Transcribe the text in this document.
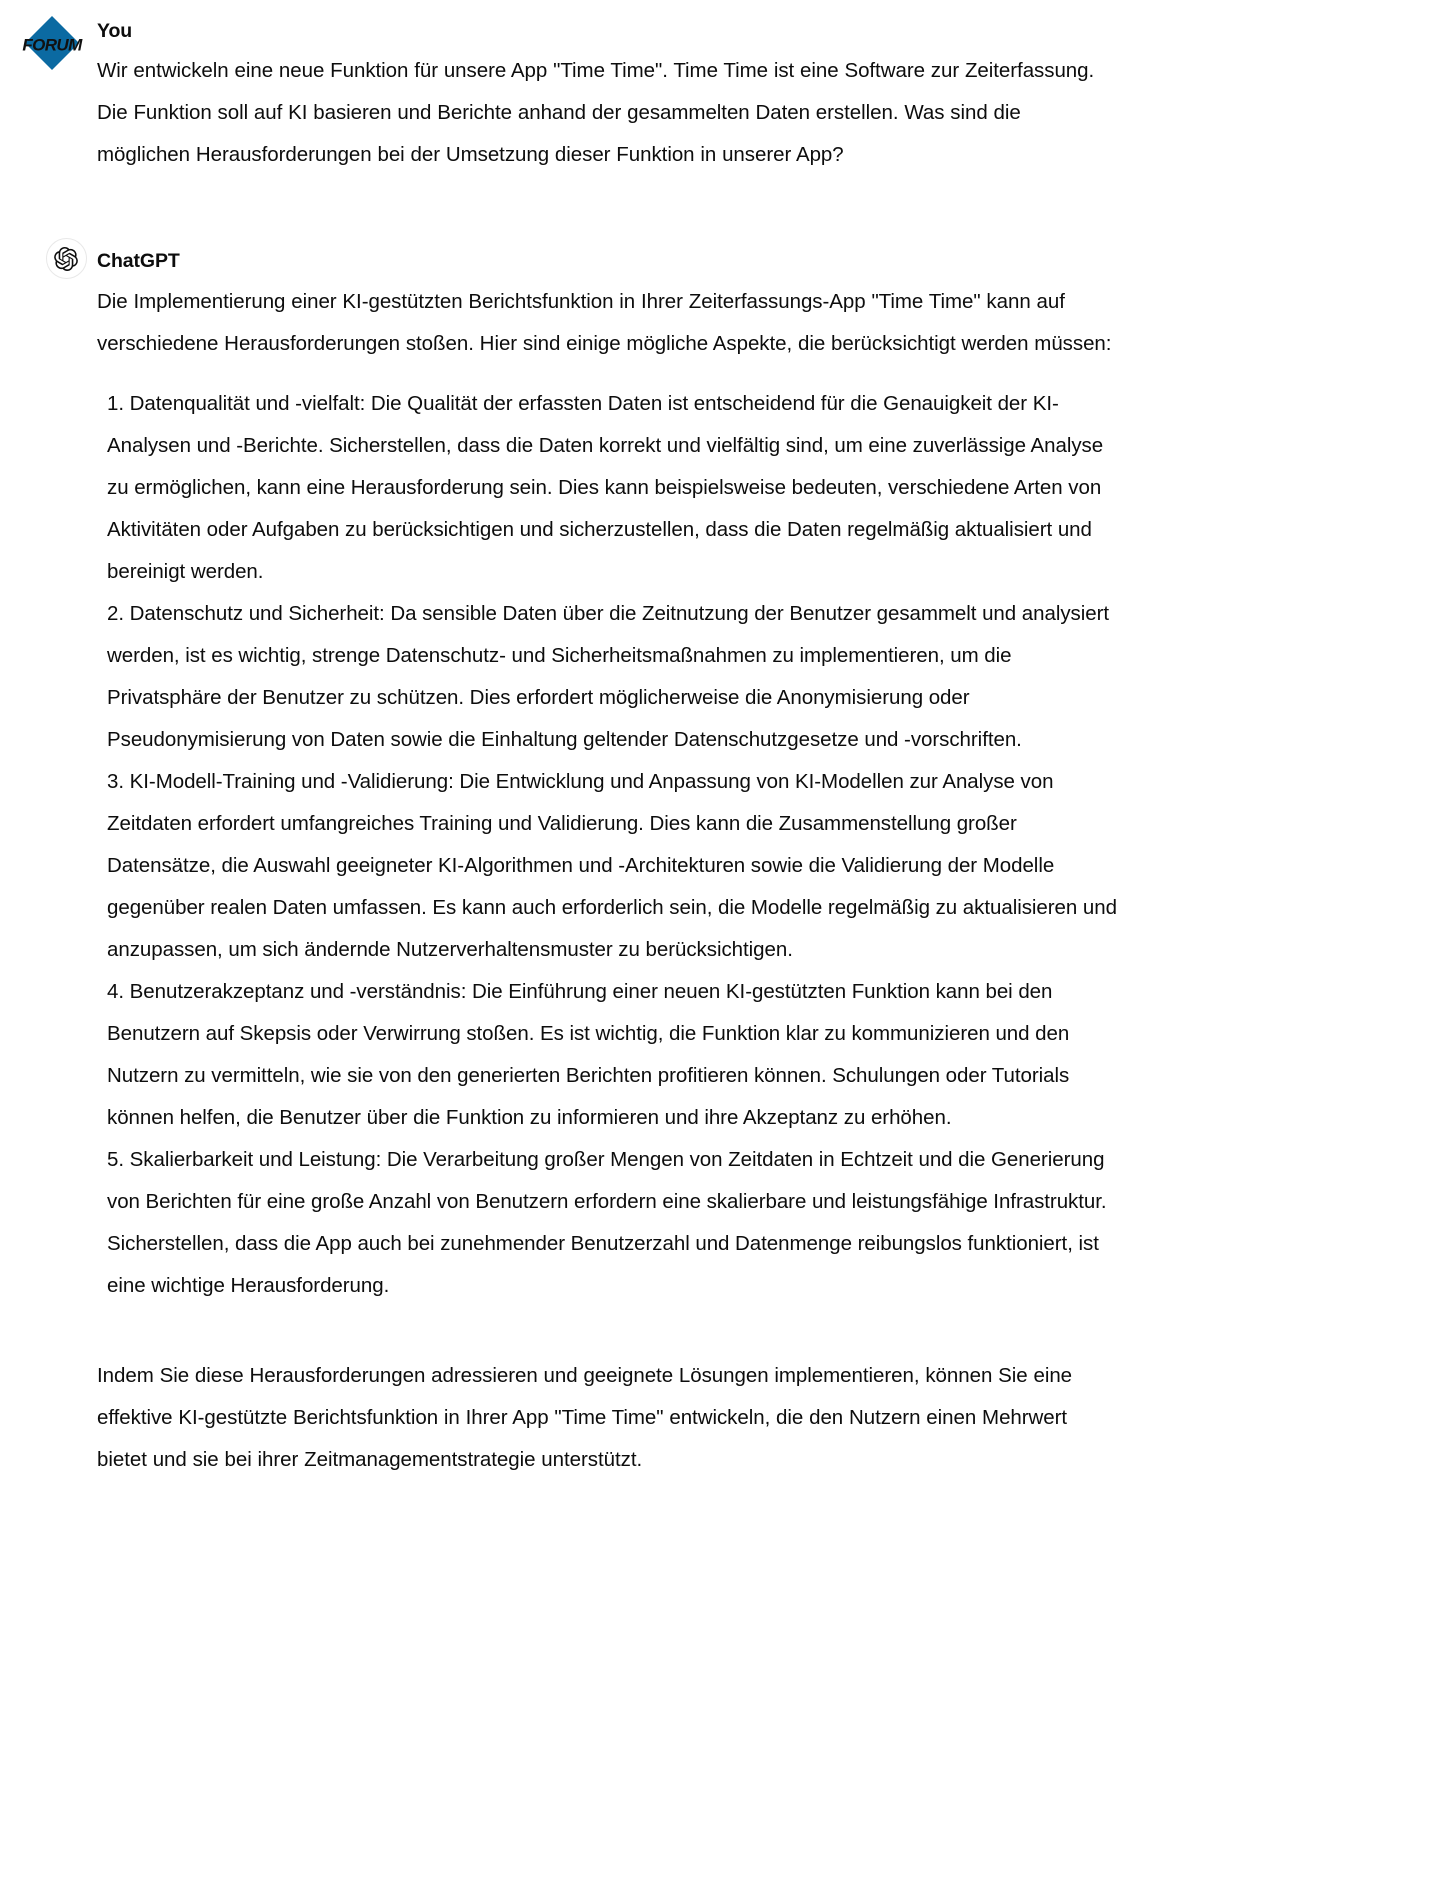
FORUM
You

Wir entwickeln eine neue Funktion für unsere App "Time Time". Time Time ist eine Software zur Zeiterfassung. Die Funktion soll auf KI basieren und Berichte anhand der gesammelten Daten erstellen. Was sind die möglichen Herausforderungen bei der Umsetzung dieser Funktion in unserer App?

ChatGPT

Die Implementierung einer KI-gestützten Berichtsfunktion in Ihrer Zeiterfassungs-App "Time Time" kann auf verschiedene Herausforderungen stoßen. Hier sind einige mögliche Aspekte, die berücksichtigt werden müssen:

1. Datenqualität und -vielfalt: Die Qualität der erfassten Daten ist entscheidend für die Genauigkeit der KI-Analysen und -Berichte. Sicherstellen, dass die Daten korrekt und vielfältig sind, um eine zuverlässige Analyse zu ermöglichen, kann eine Herausforderung sein. Dies kann beispielsweise bedeuten, verschiedene Arten von Aktivitäten oder Aufgaben zu berücksichtigen und sicherzustellen, dass die Daten regelmäßig aktualisiert und bereinigt werden.

2. Datenschutz und Sicherheit: Da sensible Daten über die Zeitnutzung der Benutzer gesammelt und analysiert werden, ist es wichtig, strenge Datenschutz- und Sicherheitsmaßnahmen zu implementieren, um die Privatsphäre der Benutzer zu schützen. Dies erfordert möglicherweise die Anonymisierung oder Pseudonymisierung von Daten sowie die Einhaltung geltender Datenschutzgesetze und -vorschriften.

3. KI-Modell-Training und -Validierung: Die Entwicklung und Anpassung von KI-Modellen zur Analyse von Zeitdaten erfordert umfangreiches Training und Validierung. Dies kann die Zusammenstellung großer Datensätze, die Auswahl geeigneter KI-Algorithmen und -Architekturen sowie die Validierung der Modelle gegenüber realen Daten umfassen. Es kann auch erforderlich sein, die Modelle regelmäßig zu aktualisieren und anzupassen, um sich ändernde Nutzerverhaltensmuster zu berücksichtigen.

4. Benutzerakzeptanz und -verständnis: Die Einführung einer neuen KI-gestützten Funktion kann bei den Benutzern auf Skepsis oder Verwirrung stoßen. Es ist wichtig, die Funktion klar zu kommunizieren und den Nutzern zu vermitteln, wie sie von den generierten Berichten profitieren können. Schulungen oder Tutorials können helfen, die Benutzer über die Funktion zu informieren und ihre Akzeptanz zu erhöhen.

5. Skalierbarkeit und Leistung: Die Verarbeitung großer Mengen von Zeitdaten in Echtzeit und die Generierung von Berichten für eine große Anzahl von Benutzern erfordern eine skalierbare und leistungsfähige Infrastruktur. Sicherstellen, dass die App auch bei zunehmender Benutzerzahl und Datenmenge reibungslos funktioniert, ist eine wichtige Herausforderung.

Indem Sie diese Herausforderungen adressieren und geeignete Lösungen implementieren, können Sie eine effektive KI-gestützte Berichtsfunktion in Ihrer App "Time Time" entwickeln, die den Nutzern einen Mehrwert bietet und sie bei ihrer Zeitmanagementstrategie unterstützt.
